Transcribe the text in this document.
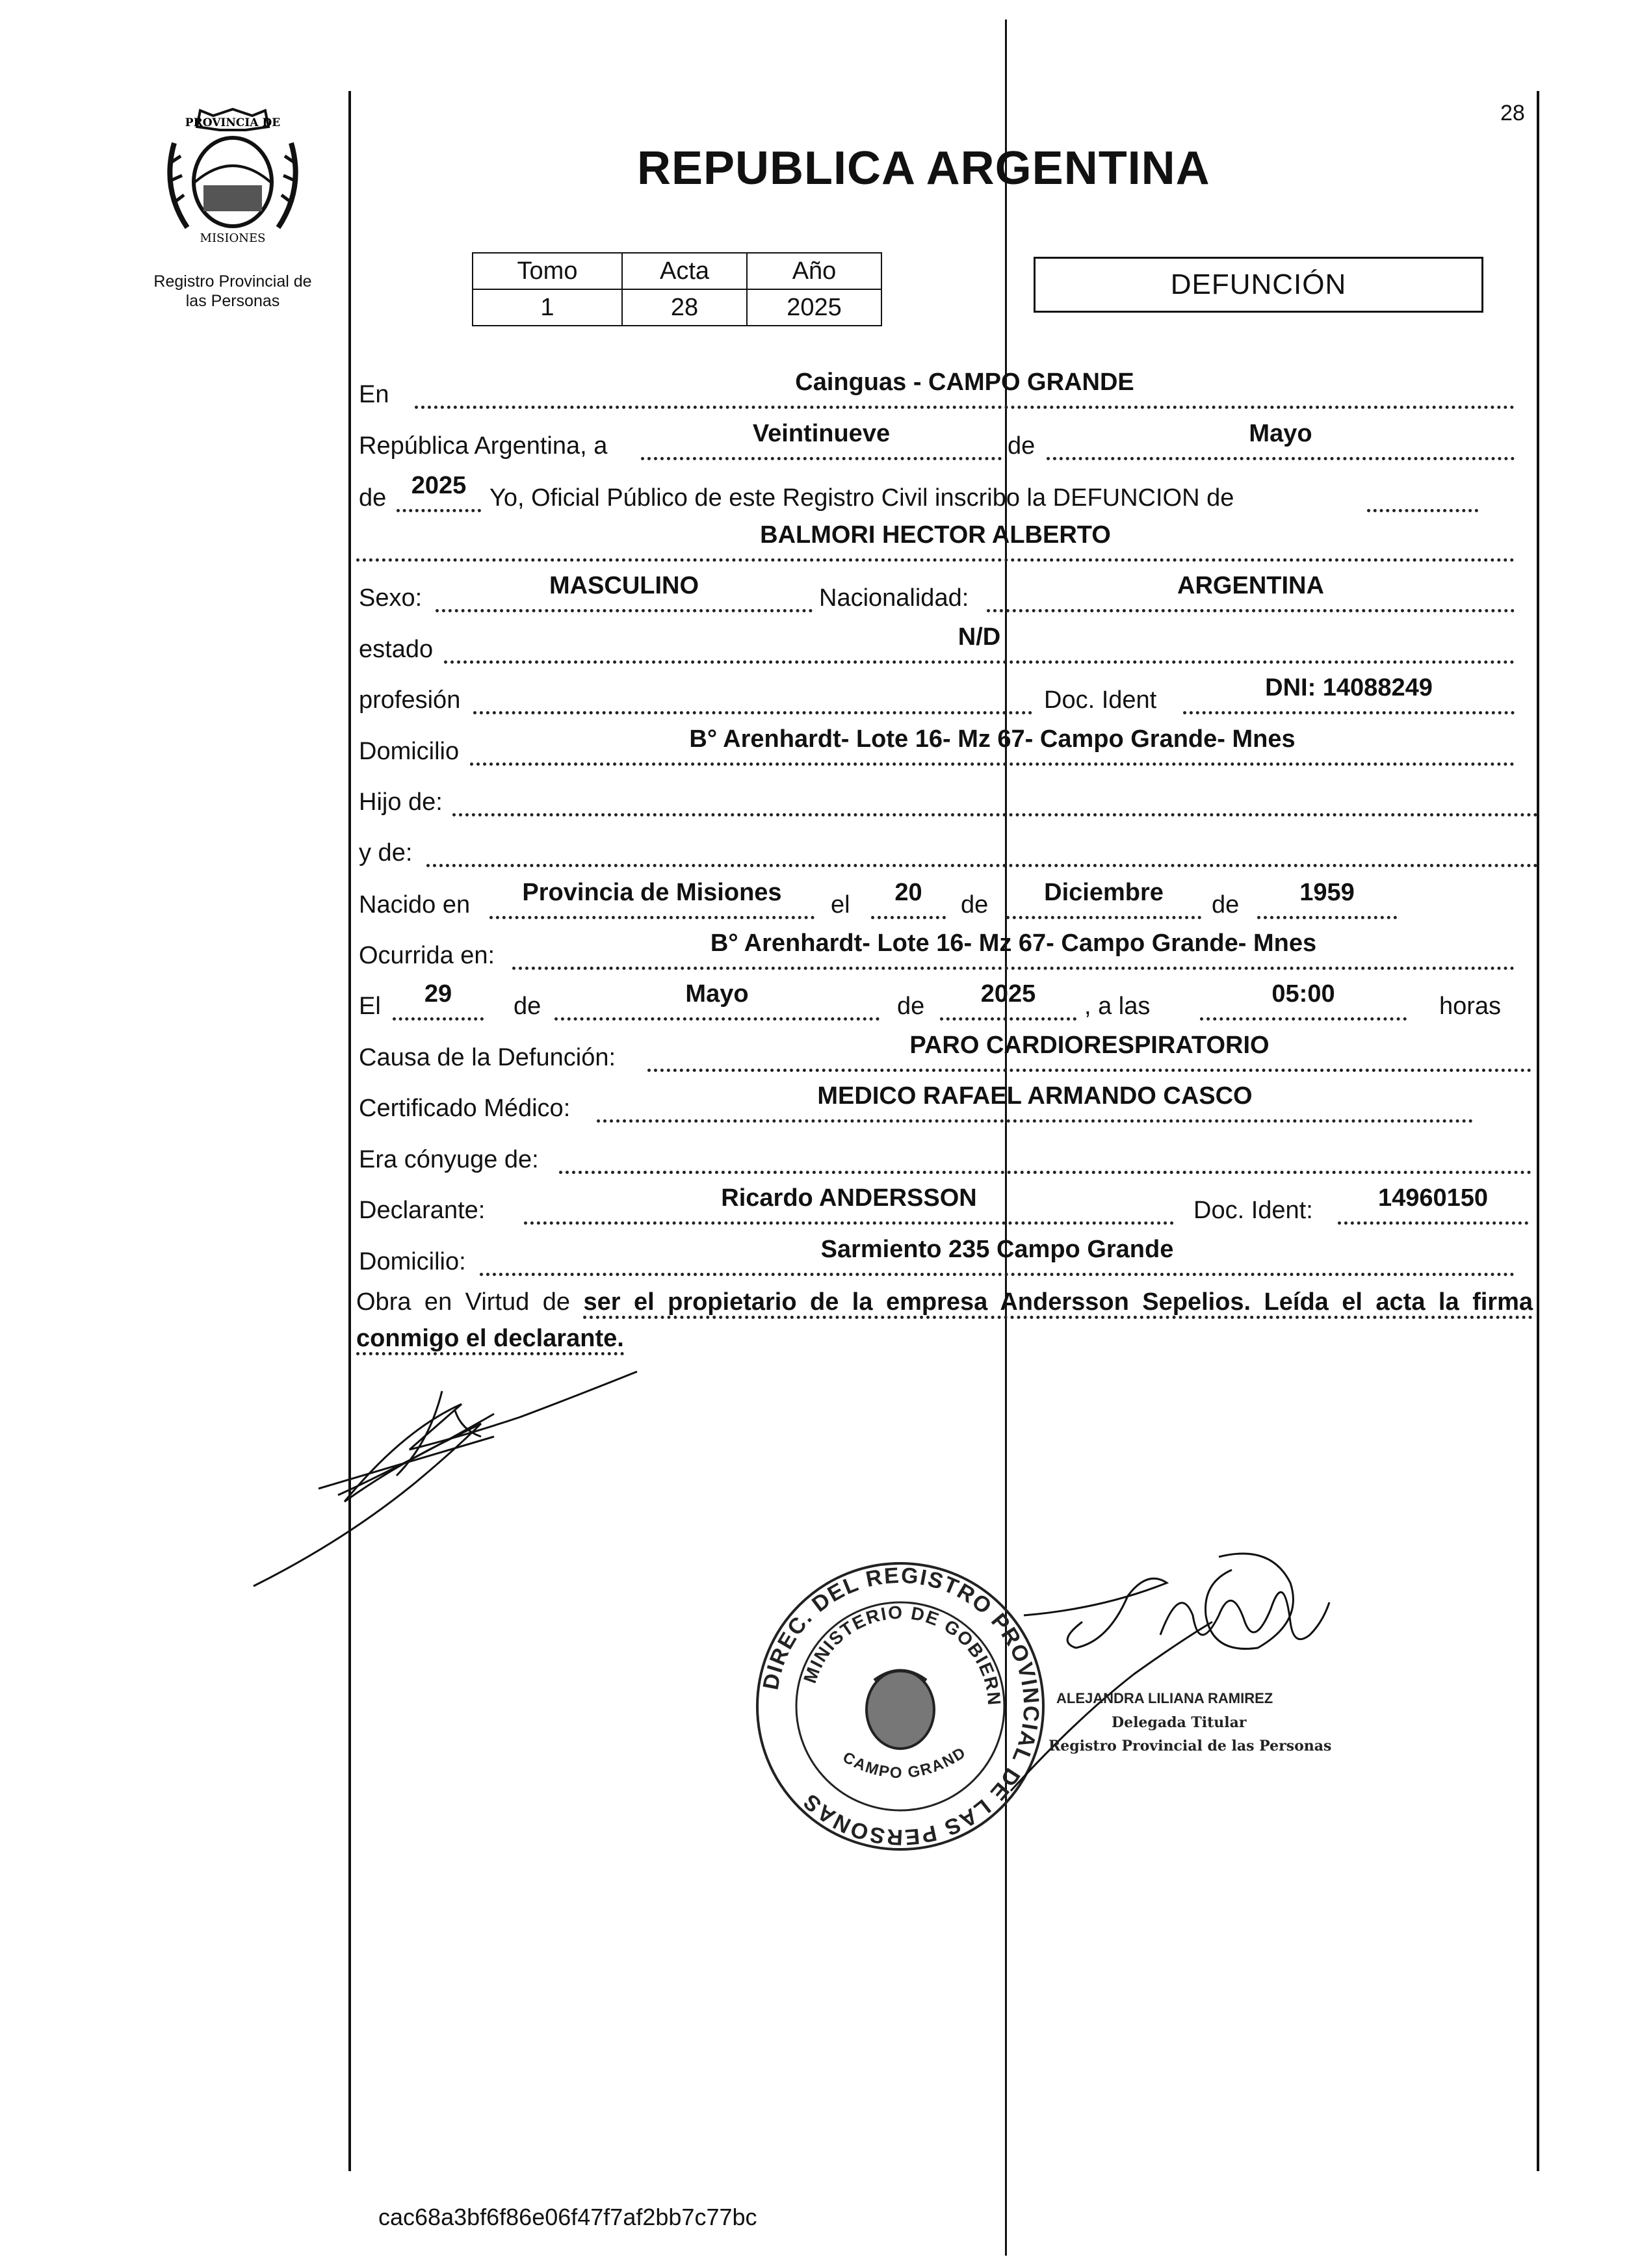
PROVINCIA DE
MISIONES
Registro Provincial de
las Personas
REPUBLICA ARGENTINA
28
Tomo	Acta	Año
1	28	2025
DEFUNCIÓN
En	Cainguas - CAMPO GRANDE
República Argentina, a	Veintinueve	de	Mayo
de	2025 Yo, Oficial Público de este Registro Civil inscribo la DEFUNCION de
BALMORI HECTOR ALBERTO
Sexo:	MASCULINO	Nacionalidad:	ARGENTINA
estado	N/D
profesión	Doc. Ident	DNI: 14088249
Domicilio	B° Arenhardt- Lote 16- Mz 67- Campo Grande- Mnes
Hijo de:
y de:
Nacido en	Provincia de Misiones	el	20	de	Diciembre	de	1959
Ocurrida en:	B° Arenhardt- Lote 16- Mz 67- Campo Grande- Mnes
El	29	de	Mayo	de	2025	, a las	05:00	horas
Causa de la Defunción:	PARO CARDIORESPIRATORIO
Certificado Médico:	MEDICO RAFAEL ARMANDO CASCO
Era cónyuge de:
Declarante:	Ricardo ANDERSSON	Doc. Ident:	14960150
Domicilio:	Sarmiento 235 Campo Grande
Obra en Virtud de ser el propietario de la empresa Andersson Sepelios. Leída el acta la firma conmigo el declarante.
DIREC. DEL REGISTRO PROVINCIAL DE LAS PERSONAS
MINISTERIO DE GOBIERN
CAMPO GRAND
ALEJANDRA LILIANA RAMIREZ
Delegada Titular
Registro Provincial de las Personas
cac68a3bf6f86e06f47f7af2bb7c77bc
